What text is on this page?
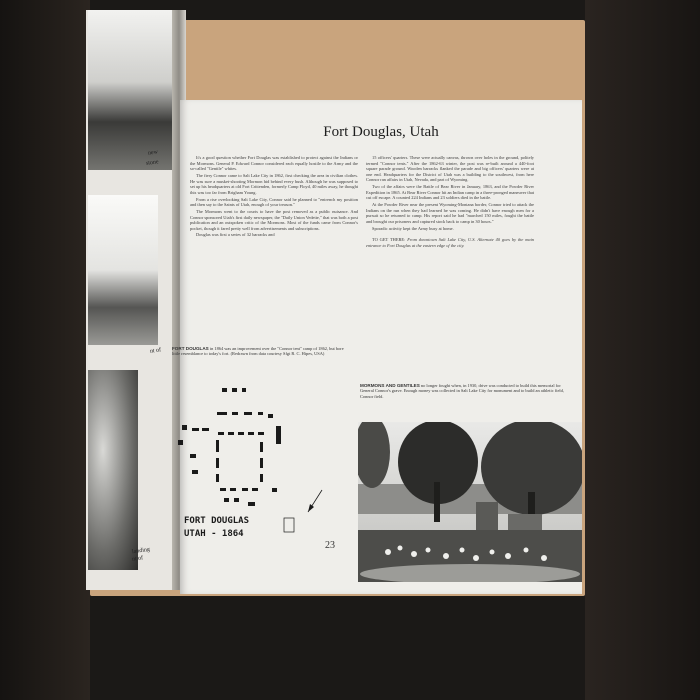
new
stone
nt of
landing
nt of
Fort Douglas, Utah

It's a good question whether Fort Douglas was established to protect against the Indians or the Mormons. General P. Edward Connor considered each equally hostile to the Army and the so-called "Gentile" whites.

The fiery Connor came to Salt Lake City in 1862, first checking the area in civilian clothes. He was sure a musket-shooting Mormon hid behind every bush. Although he was supposed to set up his headquarters at old Fort Crittenden, formerly Camp Floyd, 40 miles away, he thought this was too far from Brigham Young.

From a rise overlooking Salt Lake City, Connor said he planned to "entrench my position and then say to the Saints of Utah, enough of your treason."

The Mormons went to the courts to have the post removed as a public nuisance. And Connor sponsored Utah's first daily newspaper, the "Daily Union Vedette," that was both a post publication and an outspoken critic of the Mormons. Most of the funds came from Connor's pocket, though it fared pretty well from advertisements and subscriptions.

Douglas was first a series of 32 barracks and

15 officers' quarters. These were actually canvas, thrown over holes in the ground, politely termed "Connor tents." After the 1862-63 winter, the post was re-built around a 440-foot square parade ground. Wooden barracks flanked the parade and big officers' quarters were at one end. Headquarters for the District of Utah was a building to the southwest, from here Connor ran affairs in Utah, Nevada, and part of Wyoming.

Two of the affairs were the Battle of Bear River in January, 1863, and the Powder River Expedition in 1865. At Bear River Connor hit an Indian camp in a three-pronged maneuver that cut off escape. A counted 224 Indians and 23 soldiers died in the battle.

At the Powder River near the present Wyoming-Montana border, Connor tried to attack the Indians on the run when they had learned he was coming. He didn't have enough men for a pursuit so he returned to camp. His report said he had "marched 150 miles, fought the battle and brought our prisoners and captured stock back to camp in 30 hours."

Sporadic activity kept the Army busy at home.

TO GET THERE: From downtown Salt Lake City, U.S. Alternate 40 goes by the main entrance to Fort Douglas at the eastern edge of the city.

FORT DOUGLAS in 1864 was an improvement over the "Connor tent" camp of 1862, but bore little resemblance to today's fort. (Redrawn from data courtesy Sfgt R. C. Hipes, USA)
FORT DOUGLAS
UTAH - 1864
23
MORMONS AND GENTILES no longer fought when, in 1930, drive was conducted to build this memorial for General Connor's grave. Enough money was collected in Salt Lake City for monument and to build an athletic field, Connor field.
